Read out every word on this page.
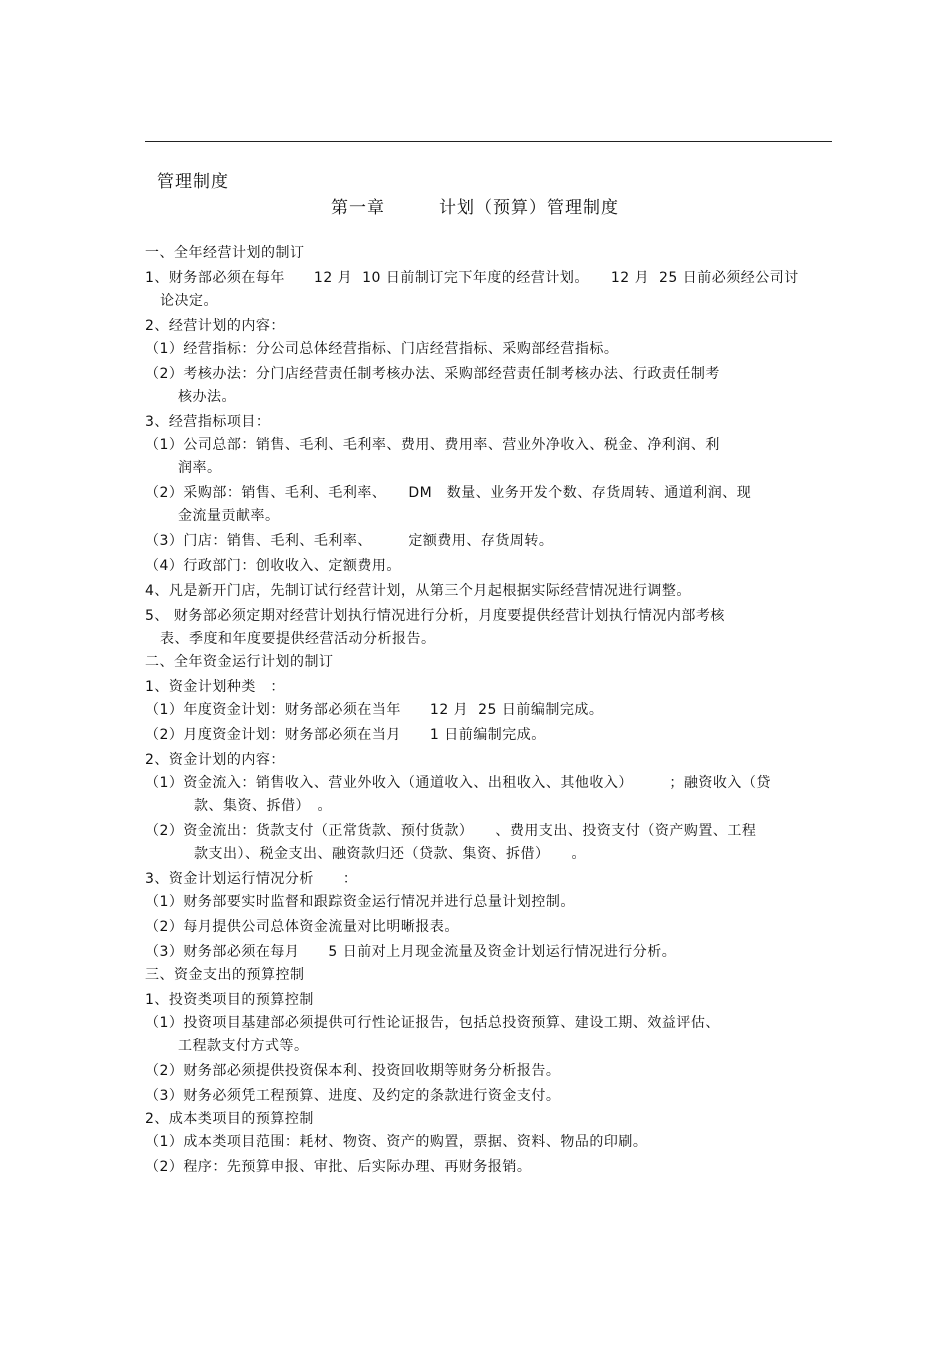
管理制度
第一章　　　计划（预算）管理制度
一、全年经营计划的制订
1、财务部必须在每年　　12 月  10 日前制订完下年度的经营计划。　　12 月  25 日前必须经公司讨
论决定。
2、经营计划的内容：
（1）经营指标：分公司总体经营指标、门店经营指标、采购部经营指标。
（2）考核办法：分门店经营责任制考核办法、采购部经营责任制考核办法、行政责任制考
核办法。
3、经营指标项目：
（1）公司总部：销售、毛利、毛利率、费用、费用率、营业外净收入、税金、净利润、利
润率。
（2）采购部：销售、毛利、毛利率、　　DM　数量、业务开发个数、存货周转、通道利润、现
金流量贡献率。
（3）门店：销售、毛利、毛利率、　　　定额费用、存货周转。
（4）行政部门：创收收入、定额费用。
4、凡是新开门店，先制订试行经营计划，从第三个月起根据实际经营情况进行调整。
5、 财务部必须定期对经营计划执行情况进行分析，月度要提供经营计划执行情况内部考核
表、季度和年度要提供经营活动分析报告。
二、全年资金运行计划的制订
1、资金计划种类　：
（1）年度资金计划：财务部必须在当年　　12 月  25 日前编制完成。
（2）月度资金计划：财务部必须在当月　　1 日前编制完成。
2、资金计划的内容：
（1）资金流入：销售收入、营业外收入（通道收入、出租收入、其他收入）　　　；融资收入（贷
款、集资、拆借）　。
（2）资金流出：货款支付（正常货款、预付货款）　　、费用支出、投资支付（资产购置、工程
款支出）、税金支出、融资款归还（贷款、集资、拆借）　　。
3、资金计划运行情况分析　　：
（1）财务部要实时监督和跟踪资金运行情况并进行总量计划控制。
（2）每月提供公司总体资金流量对比明晰报表。
（3）财务部必须在每月　　5 日前对上月现金流量及资金计划运行情况进行分析。
三、资金支出的预算控制
1、投资类项目的预算控制
（1）投资项目基建部必须提供可行性论证报告，包括总投资预算、建设工期、效益评估、
工程款支付方式等。
（2）财务部必须提供投资保本利、投资回收期等财务分析报告。
（3）财务必须凭工程预算、进度、及约定的条款进行资金支付。
2、成本类项目的预算控制
（1）成本类项目范围：耗材、物资、资产的购置，票据、资料、物品的印刷。
（2）程序：先预算申报、审批、后实际办理、再财务报销。
